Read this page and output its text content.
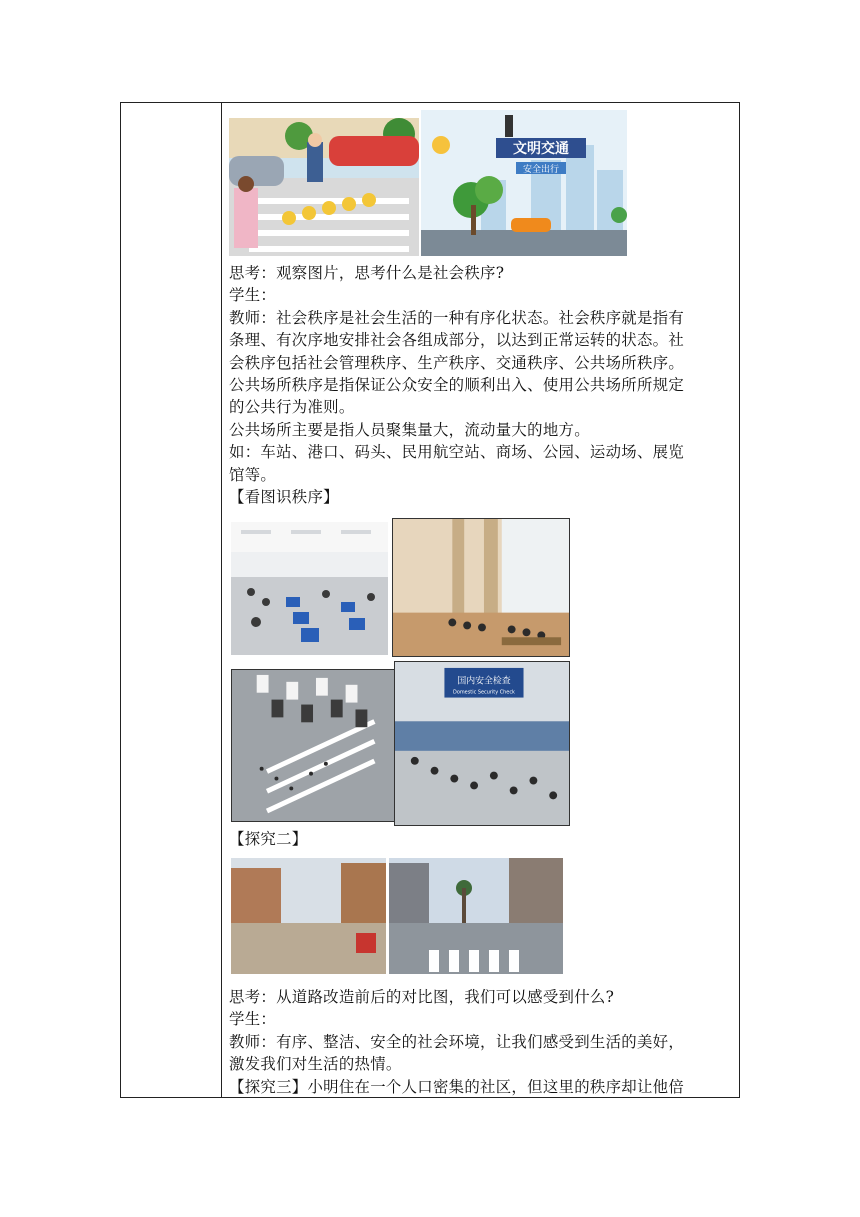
文明交通
安全出行

思考：观察图片，思考什么是社会秩序?

学生：

教师：社会秩序是社会生活的一种有序化状态。社会秩序就是指有

条理、有次序地安排社会各组成部分，以达到正常运转的状态。社

会秩序包括社会管理秩序、生产秩序、交通秩序、公共场所秩序。

公共场所秩序是指保证公众安全的顺利出入、使用公共场所所规定

的公共行为准则。

公共场所主要是指人员聚集量大，流动量大的地方。

如：车站、港口、码头、民用航空站、商场、公园、运动场、展览

馆等。

【看图识秩序】

国内安全检查
Domestic Security Check

【探究二】

思考：从道路改造前后的对比图，我们可以感受到什么?

学生：

教师：有序、整洁、安全的社会环境，让我们感受到生活的美好，

激发我们对生活的热情。

【探究三】小明住在一个人口密集的社区，但这里的秩序却让他倍
